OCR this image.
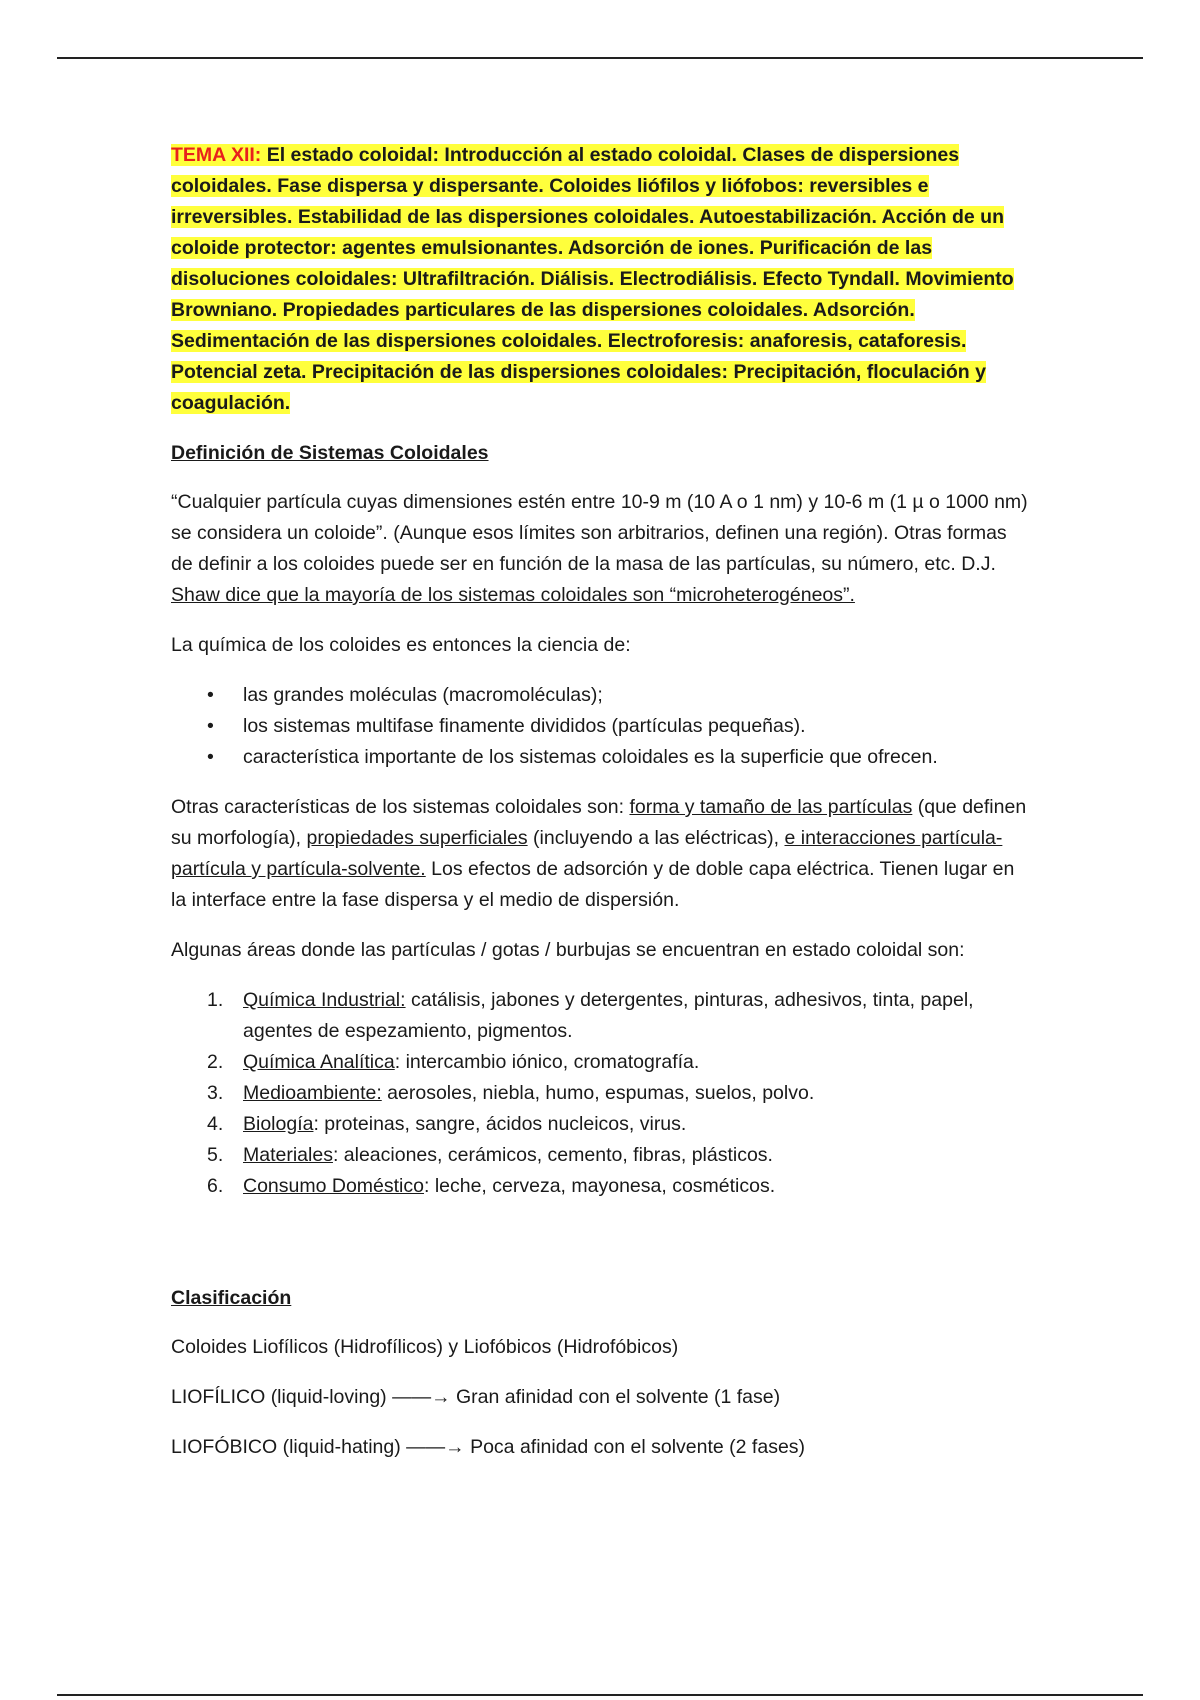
TEMA XII: El estado coloidal: Introducción al estado coloidal. Clases de dispersiones coloidales. Fase dispersa y dispersante. Coloides liófilos y liófobos: reversibles e irreversibles. Estabilidad de las dispersiones coloidales. Autoestabilización. Acción de un coloide protector: agentes emulsionantes. Adsorción de iones. Purificación de las disoluciones coloidales: Ultrafiltración. Diálisis. Electrodiálisis. Efecto Tyndall. Movimiento Browniano. Propiedades particulares de las dispersiones coloidales. Adsorción. Sedimentación de las dispersiones coloidales. Electroforesis: anaforesis, cataforesis. Potencial zeta. Precipitación de las dispersiones coloidales: Precipitación, floculación y coagulación.

Definición de Sistemas Coloidales

“Cualquier partícula cuyas dimensiones estén entre 10-9 m (10 A o 1 nm) y 10-6 m (1 µ o 1000 nm) se considera un coloide”. (Aunque esos límites son arbitrarios, definen una región). Otras formas de definir a los coloides puede ser en función de la masa de las partículas, su número, etc. D.J. Shaw dice que la mayoría de los sistemas coloidales son “microheterogéneos”.

La química de los coloides es entonces la ciencia de:

• las grandes moléculas (macromoléculas);
• los sistemas multifase finamente divididos (partículas pequeñas).
• característica importante de los sistemas coloidales es la superficie que ofrecen.

Otras características de los sistemas coloidales son: forma y tamaño de las partículas (que definen su morfología), propiedades superficiales (incluyendo a las eléctricas), e interacciones partícula-partícula y partícula-solvente. Los efectos de adsorción y de doble capa eléctrica. Tienen lugar en la interface entre la fase dispersa y el medio de dispersión.

Algunas áreas donde las partículas / gotas / burbujas se encuentran en estado coloidal son:

1. Química Industrial: catálisis, jabones y detergentes, pinturas, adhesivos, tinta, papel, agentes de espezamiento, pigmentos.
2. Química Analítica: intercambio iónico, cromatografía.
3. Medioambiente: aerosoles, niebla, humo, espumas, suelos, polvo.
4. Biología: proteinas, sangre, ácidos nucleicos, virus.
5. Materiales: aleaciones, cerámicos, cemento, fibras, plásticos.
6. Consumo Doméstico: leche, cerveza, mayonesa, cosméticos.

Clasificación

Coloides Liofílicos (Hidrofílicos) y Liofóbicos (Hidrofóbicos)

LIOFÍLICO (liquid-loving) ——→ Gran afinidad con el solvente (1 fase)

LIOFÓBICO (liquid-hating) ——→ Poca afinidad con el solvente (2 fases)
